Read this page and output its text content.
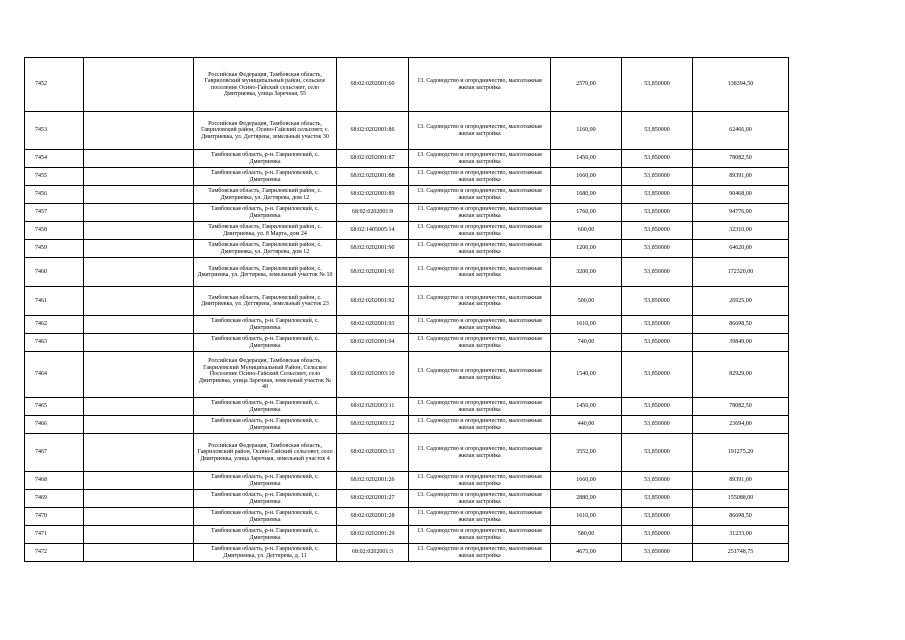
7452		Российская Федерация, Тамбовская область, Гавриловский муниципальный район, сельское поселение Осино-Гайский сельсовет, село Дмитриевка, улица Заречная, 55	68:02:0202001:60	13. Садоводство и огородничество, малоэтажная жилая застройка	2570,00	53,850000	138394,50
7453		Российская Федерация, Тамбовская область, Гавриловский район, Осино-Гайский сельсовет, с. Дмитриевка, ул. Дегтярева, земельный участок 30	68:02:0202001:86	13. Садоводство и огородничество, малоэтажная жилая застройка	1160,00	53,850000	62466,00
7454		Тамбовская область, р-н. Гавриловский, с. Дмитриевка	68:02:0202001:87	13. Садоводство и огородничество, малоэтажная жилая застройка	1450,00	53,850000	78082,50
7455		Тамбовская область, р-н. Гавриловский, с. Дмитриевка	68:02:0202001:88	13. Садоводство и огородничество, малоэтажная жилая застройка	1660,00	53,850000	89391,00
7456		Тамбовская область, Гавриловский район, с. Дмитриевка, ул. Дегтярева, дом 12	68:02:0202001:89	13. Садоводство и огородничество, малоэтажная жилая застройка	1680,00	53,850000	90468,00
7457		Тамбовская область, р-н. Гавриловский, с. Дмитриевка	68:02:0202001:9	13. Садоводство и огородничество, малоэтажная жилая застройка	1760,00	53,850000	94776,00
7458		Тамбовская область, Гавриловский район, с. Дмитриевка, ул. 8 Марта, дом 24	68:02:1405005:14	13. Садоводство и огородничество, малоэтажная жилая застройка	600,00	53,850000	32310,00
7459		Тамбовская область, Гавриловский район, с. Дмитриевка, ул. Дегтярева, дом 12	68:02:0202001:90	13. Садоводство и огородничество, малоэтажная жилая застройка	1200,00	53,850000	64620,00
7460		Тамбовская область, Гавриловский район, с. Дмитриевка, ул. Дегтярева, земельный участок № 10	68:02:0202001:91	13. Садоводство и огородничество, малоэтажная жилая застройка	3200,00	53,850000	172320,00
7461		Тамбовская область, Гавриловский район, с. Дмитриевка, ул. Дегтярева, земельный участок 23	68:02:0202001:92	13. Садоводство и огородничество, малоэтажная жилая застройка	500,00	53,850000	26925,00
7462		Тамбовская область, р-н. Гавриловский, с. Дмитриевка	68:02:0202001:93	13. Садоводство и огородничество, малоэтажная жилая застройка	1610,00	53,850000	86698,50
7463		Тамбовская область, р-н. Гавриловский, с. Дмитриевка	68:02:0202001:94	13. Садоводство и огородничество, малоэтажная жилая застройка	740,00	53,850000	39849,00
7464		Российская Федерация, Тамбовская область, Гавриловский Муниципальный Район, Сельское Поселение Осино-Гайский Сельсовет, село Дмитриевка, улица Заречная, земельный участок № 40	68:02:0202003:10	13. Садоводство и огородничество, малоэтажная жилая застройка	1540,00	53,850000	82929,00
7465		Тамбовская область, р-н. Гавриловский, с. Дмитриевка	68:02:0202003:11	13. Садоводство и огородничество, малоэтажная жилая застройка	1450,00	53,850000	78082,50
7466		Тамбовская область, р-н. Гавриловский, с. Дмитриевка	68:02:0202003:12	13. Садоводство и огородничество, малоэтажная жилая застройка	440,00	53,850000	23694,00
7467		Российская Федерация, Тамбовская область, Гавриловский район, Осино-Гайский сельсовет, село Дмитриевка, улица Заречная, земельный участок 4	68:02:0202003:13	13. Садоводство и огородничество, малоэтажная жилая застройка	3552,00	53,850000	191275,20
7468		Тамбовская область, р-н. Гавриловский, с. Дмитриевка	68:02:0202001:26	13. Садоводство и огородничество, малоэтажная жилая застройка	1660,00	53,850000	89391,00
7469		Тамбовская область, р-н. Гавриловский, с. Дмитриевка	68:02:0202001:27	13. Садоводство и огородничество, малоэтажная жилая застройка	2880,00	53,850000	155088,00
7470		Тамбовская область, р-н. Гавриловский, с. Дмитриевка	68:02:0202001:28	13. Садоводство и огородничество, малоэтажная жилая застройка	1610,00	53,850000	86698,50
7471		Тамбовская область, р-н. Гавриловский, с. Дмитриевка	68:02:0202001:29	13. Садоводство и огородничество, малоэтажная жилая застройка	580,00	53,850000	31233,00
7472		Тамбовская область, р-н. Гавриловский, с. Дмитриевка, ул. Дегтярева, д. 11	68:02:0202001:3	13. Садоводство и огородничество, малоэтажная жилая застройка	4675,00	53,850000	251748,75
